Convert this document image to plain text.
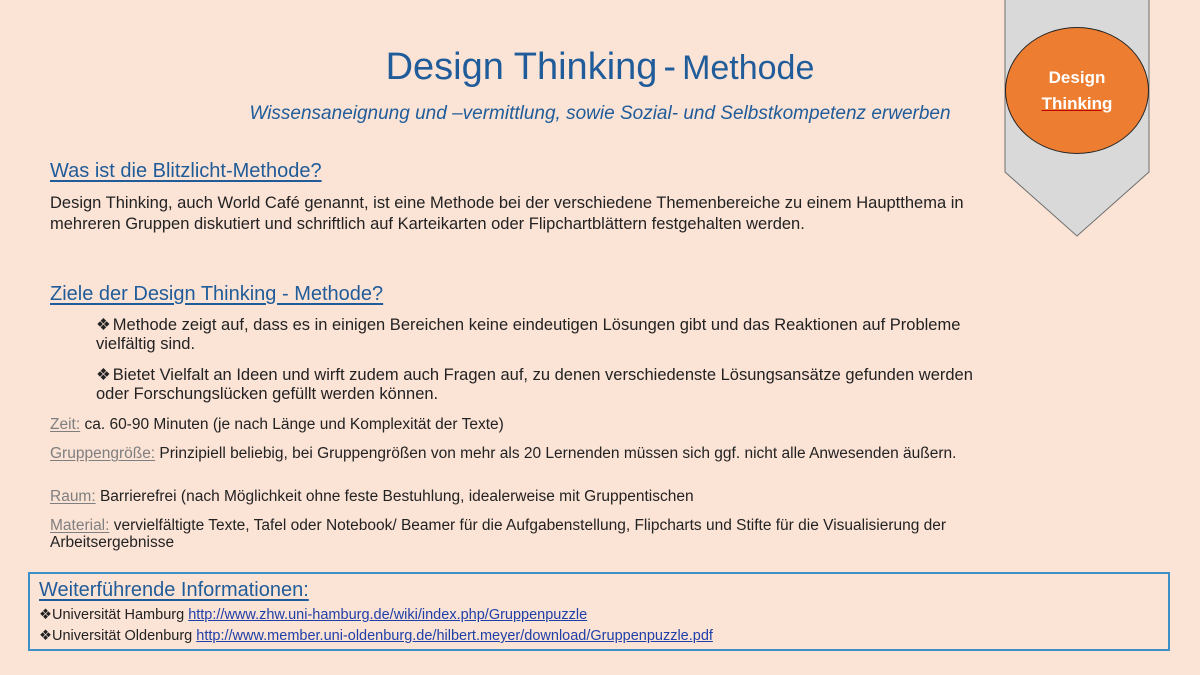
Design Thinking - Methode
Wissensaneignung und –vermittlung, sowie Sozial- und Selbstkompetenz erwerben
Design
Thinking
Was ist die Blitzlicht-Methode?
Design Thinking, auch World Café genannt, ist eine Methode bei der verschiedene Themenbereiche zu einem Hauptthema in mehreren Gruppen diskutiert und schriftlich auf Karteikarten oder Flipchartblättern festgehalten werden.
Ziele der Design Thinking - Methode?
❖ Methode zeigt auf, dass es in einigen Bereichen keine eindeutigen Lösungen gibt und das Reaktionen auf Probleme vielfältig sind.
❖ Bietet Vielfalt an Ideen und wirft zudem auch Fragen auf, zu denen verschiedenste Lösungsansätze gefunden werden oder Forschungslücken gefüllt werden können.
Zeit: ca. 60-90 Minuten (je nach Länge und Komplexität der Texte)
Gruppengröße: Prinzipiell beliebig, bei Gruppengrößen von mehr als 20 Lernenden müssen sich ggf. nicht alle Anwesenden äußern.
Raum: Barrierefrei (nach Möglichkeit ohne feste Bestuhlung, idealerweise mit Gruppentischen
Material: vervielfältigte Texte, Tafel oder Notebook/ Beamer für die Aufgabenstellung, Flipcharts und Stifte für die Visualisierung der Arbeitsergebnisse
Weiterführende Informationen:
❖Universität Hamburg http://www.zhw.uni-hamburg.de/wiki/index.php/Gruppenpuzzle
❖Universität Oldenburg http://www.member.uni-oldenburg.de/hilbert.meyer/download/Gruppenpuzzle.pdf
